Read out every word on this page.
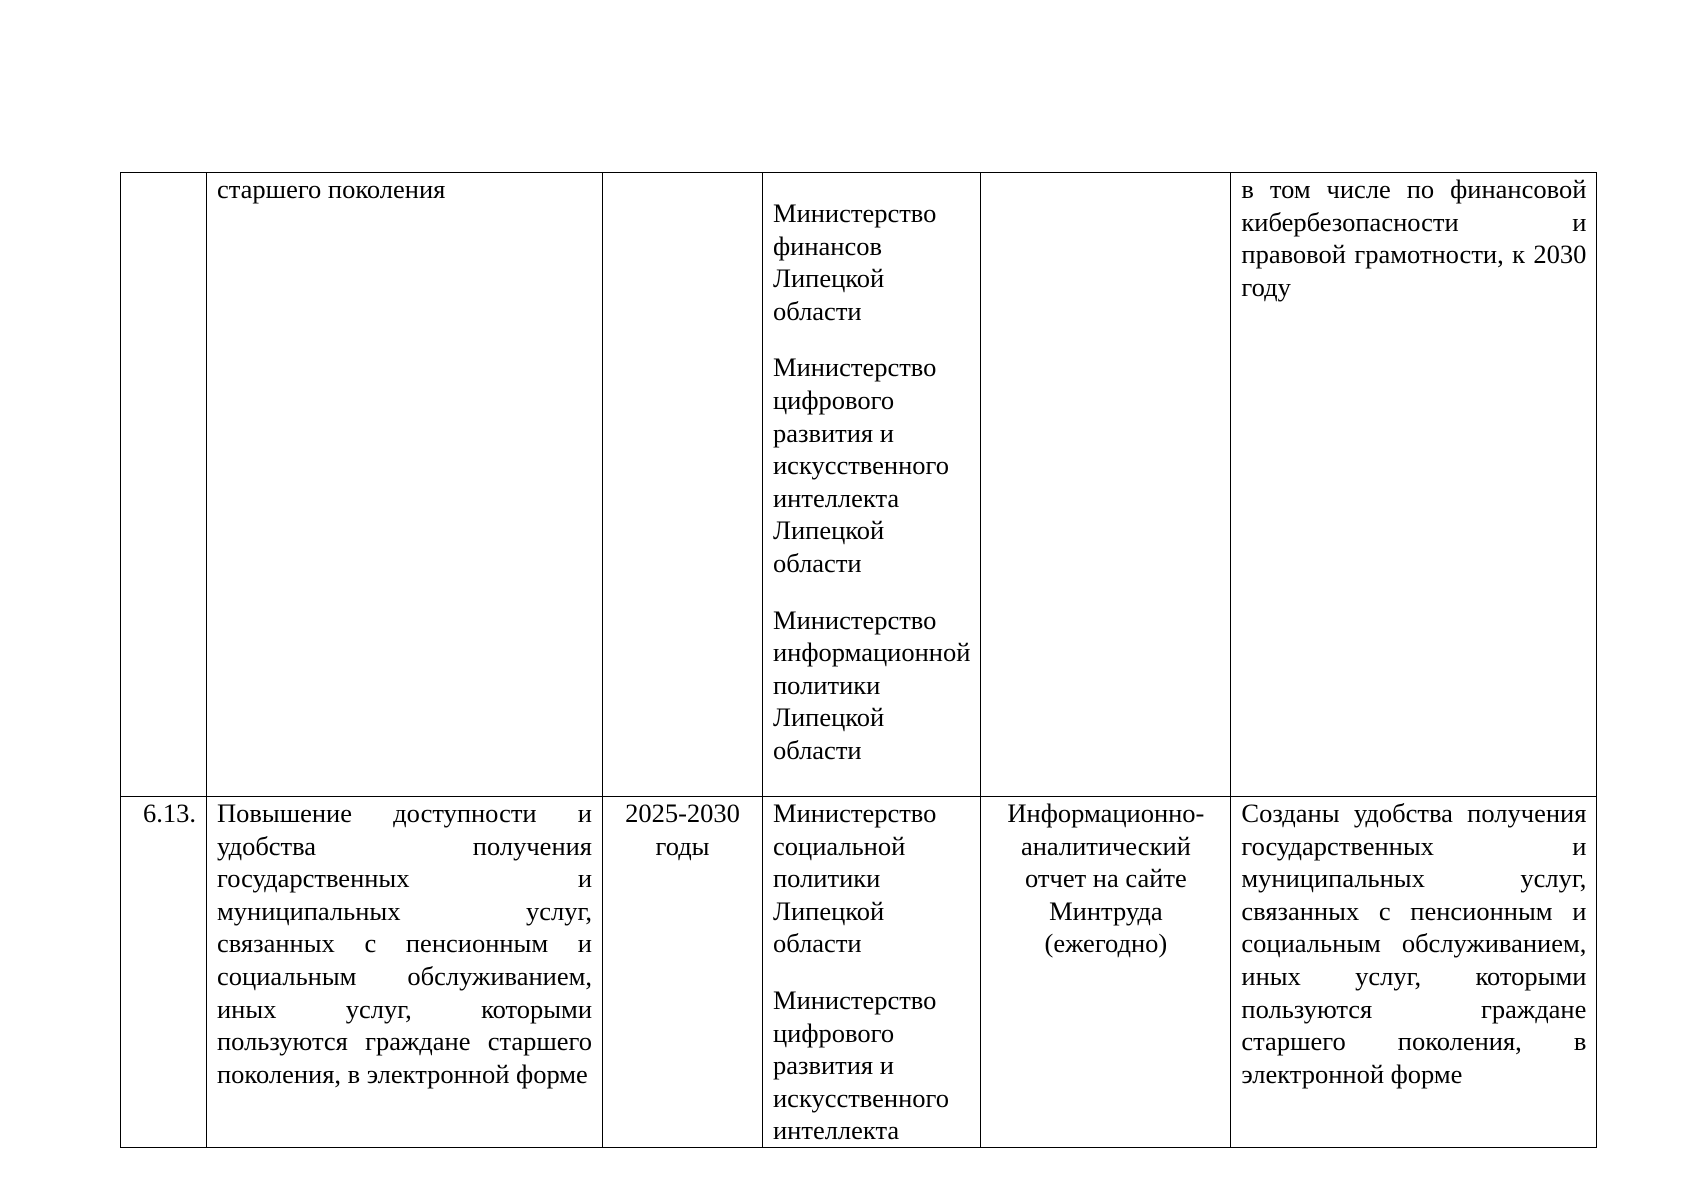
	старшего поколения		Министерство финансов Липецкой области
Министерство цифрового развития и искусственного интеллекта Липецкой области
Министерство информационной политики Липецкой области		в том числе по финансовой кибербезопасности и правовой грамотности, к 2030 году
6.13.	Повышение доступности и удобства получения государственных и муниципальных услуг, связанных с пенсионным и социальным обслуживанием, иных услуг, которыми пользуются граждане старшего поколения, в электронной форме	2025-2030 годы	Министерство социальной политики Липецкой области
Министерство цифрового развития и искусственного интеллекта	Информационно-аналитический отчет на сайте Минтруда (ежегодно)	Созданы удобства получения государственных и муниципальных услуг, связанных с пенсионным и социальным обслуживанием, иных услуг, которыми пользуются граждане старшего поколения, в электронной форме
